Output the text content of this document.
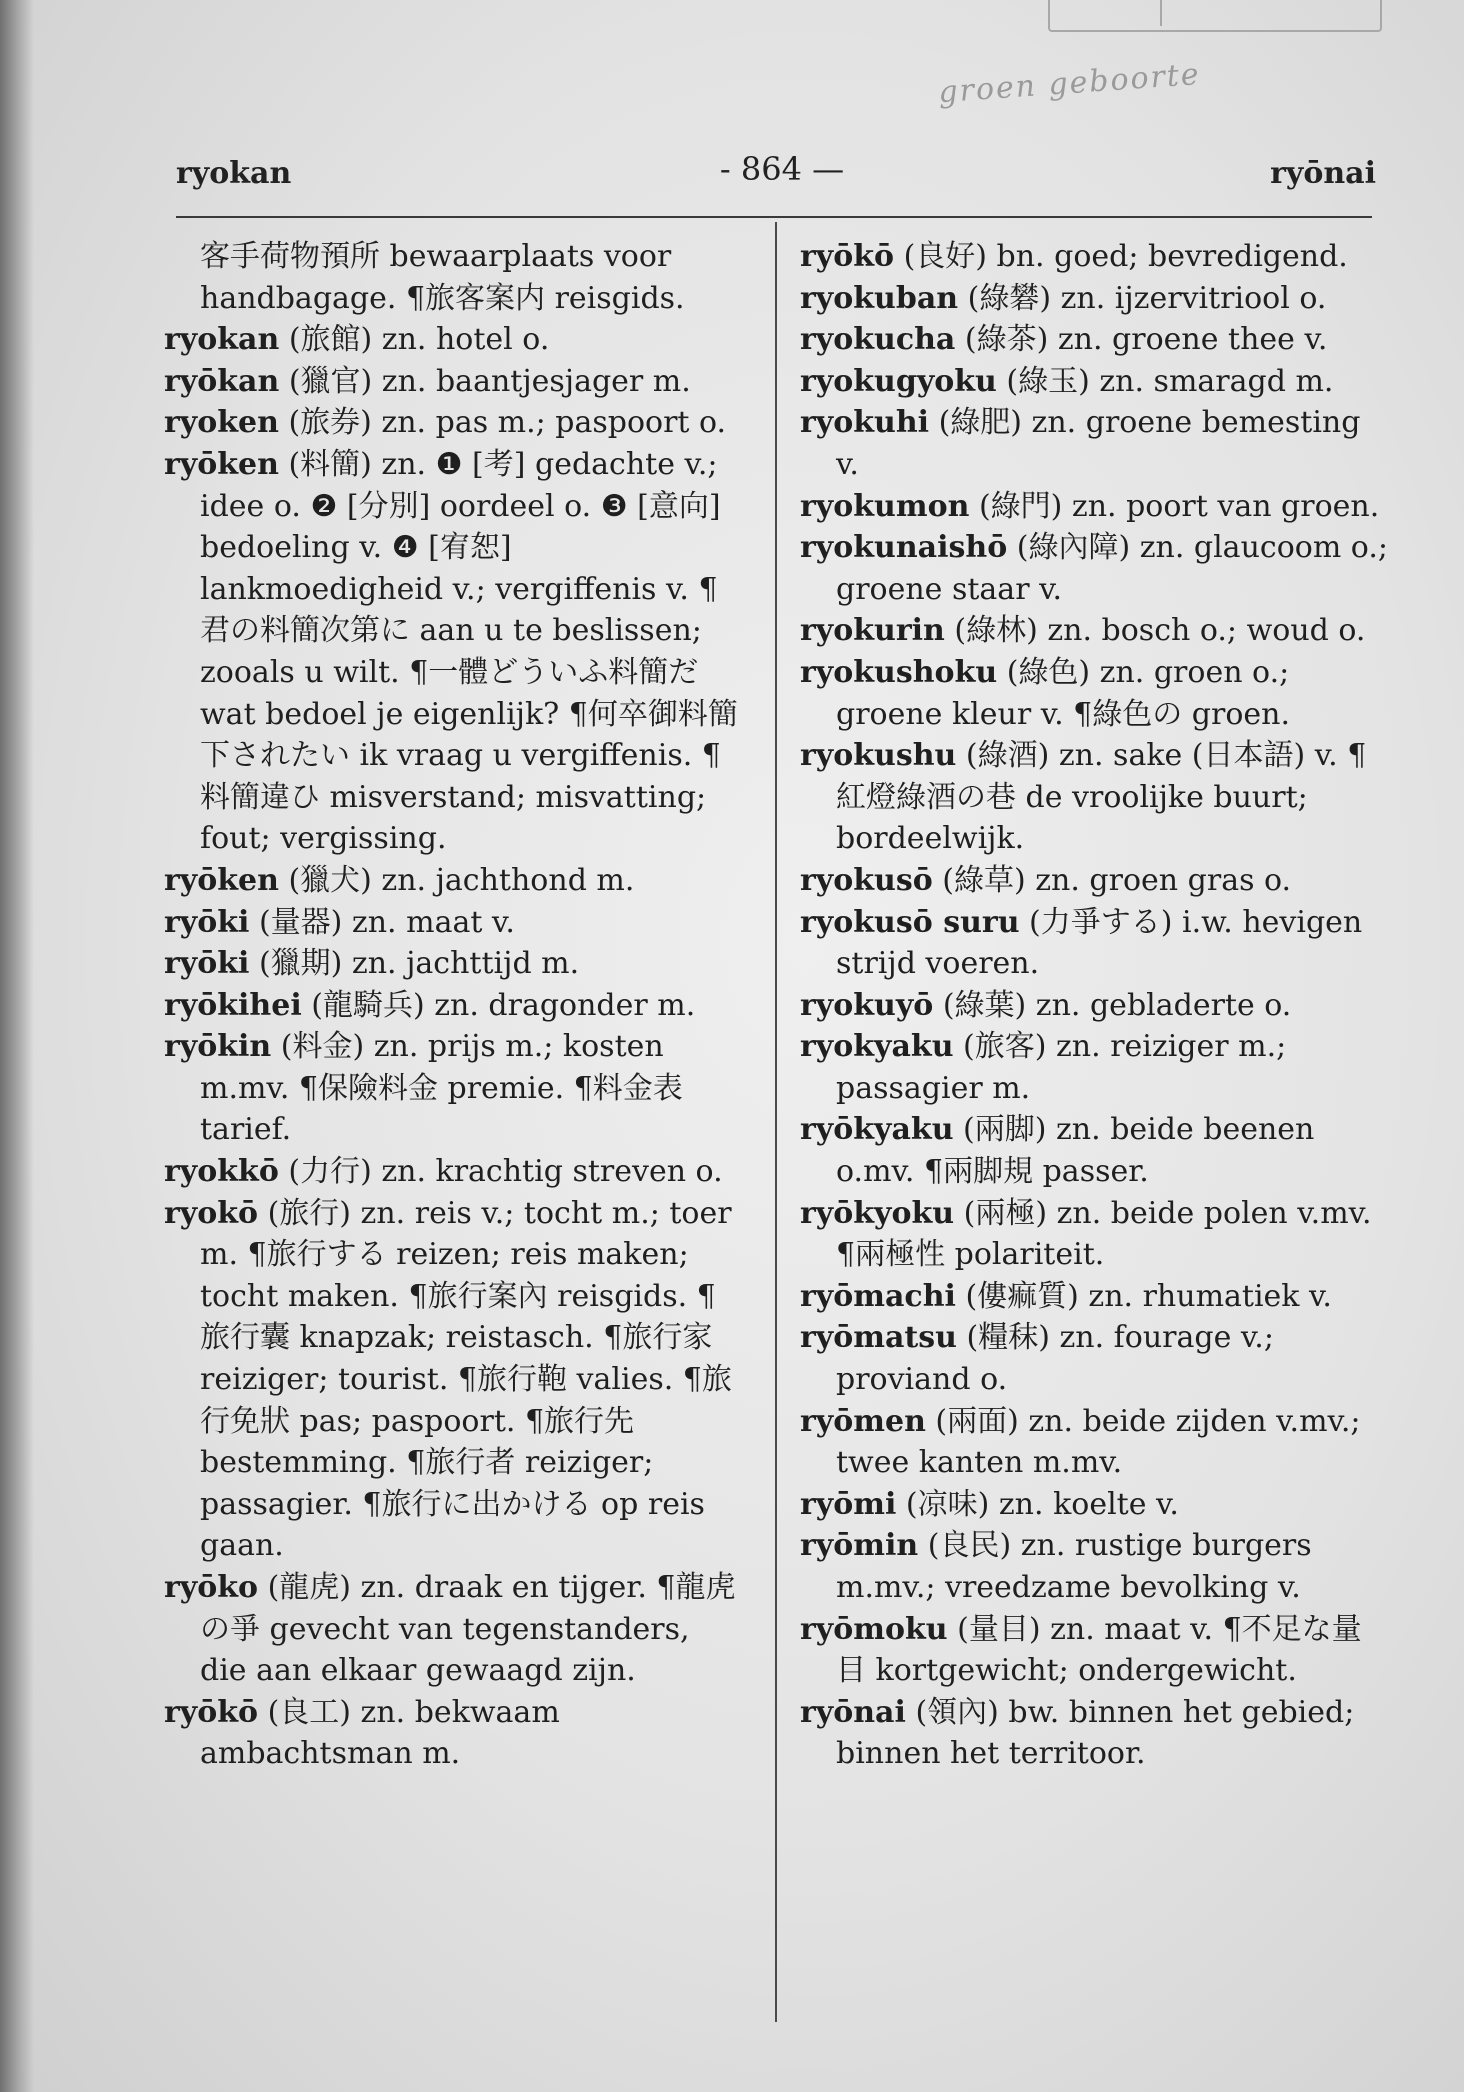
groen geboorte
ryokan	- 864 —	ryōnai

客手荷物預所 bewaarplaats voor handbagage. ¶旅客案内 reisgids.

ryokan (旅館) zn. hotel o.

ryōkan (獵官) zn. baantjesjager m.

ryoken (旅券) zn. pas m.; paspoort o.

ryōken (料簡) zn. ❶ [考] gedachte v.; idee o. ❷ [分別] oordeel o. ❸ [意向] bedoeling v. ❹ [宥恕] lankmoedigheid v.; vergiffenis v. ¶君の料簡次第に aan u te beslissen; zooals u wilt. ¶一體どういふ料簡だ wat bedoel je eigenlijk? ¶何卒御料簡下されたい ik vraag u vergiffenis. ¶料簡違ひ misverstand; misvatting; fout; vergissing.

ryōken (獵犬) zn. jachthond m.

ryōki (量器) zn. maat v.

ryōki (獵期) zn. jachttijd m.

ryōkihei (龍騎兵) zn. dragonder m.

ryōkin (料金) zn. prijs m.; kosten m.mv. ¶保險料金 premie. ¶料金表 tarief.

ryokkō (力行) zn. krachtig streven o.

ryokō (旅行) zn. reis v.; tocht m.; toer m. ¶旅行する reizen; reis maken; tocht maken. ¶旅行案內 reisgids. ¶旅行囊 knapzak; reistasch. ¶旅行家 reiziger; tourist. ¶旅行鞄 valies. ¶旅行免狀 pas; paspoort. ¶旅行先 bestemming. ¶旅行者 reiziger; passagier. ¶旅行に出かける op reis gaan.

ryōko (龍虎) zn. draak en tijger. ¶龍虎の爭 gevecht van tegenstanders, die aan elkaar gewaagd zijn.

ryōkō (良工) zn. bekwaam ambachtsman m.

ryōkō (良好) bn. goed; bevredigend.

ryokuban (綠礬) zn. ijzervitriool o.

ryokucha (綠茶) zn. groene thee v.

ryokugyoku (綠玉) zn. smaragd m.

ryokuhi (綠肥) zn. groene bemesting v.

ryokumon (綠門) zn. poort van groen.

ryokunaishō (綠內障) zn. glaucoom o.; groene staar v.

ryokurin (綠林) zn. bosch o.; woud o.

ryokushoku (綠色) zn. groen o.; groene kleur v. ¶綠色の groen.

ryokushu (綠酒) zn. sake (日本語) v. ¶紅燈綠酒の巷 de vroolijke buurt; bordeelwijk.

ryokusō (綠草) zn. groen gras o.

ryokusō suru (力爭する) i.w. hevigen strijd voeren.

ryokuyō (綠葉) zn. gebladerte o.

ryokyaku (旅客) zn. reiziger m.; passagier m.

ryōkyaku (兩脚) zn. beide beenen o.mv. ¶兩脚規 passer.

ryōkyoku (兩極) zn. beide polen v.mv. ¶兩極性 polariteit.

ryōmachi (僂痲質) zn. rhumatiek v.

ryōmatsu (糧秣) zn. fourage v.; proviand o.

ryōmen (兩面) zn. beide zijden v.mv.; twee kanten m.mv.

ryōmi (凉味) zn. koelte v.

ryōmin (良民) zn. rustige burgers m.mv.; vreedzame bevolking v.

ryōmoku (量目) zn. maat v. ¶不足な量目 kortgewicht; ondergewicht.

ryōnai (領內) bw. binnen het gebied; binnen het territoor.
